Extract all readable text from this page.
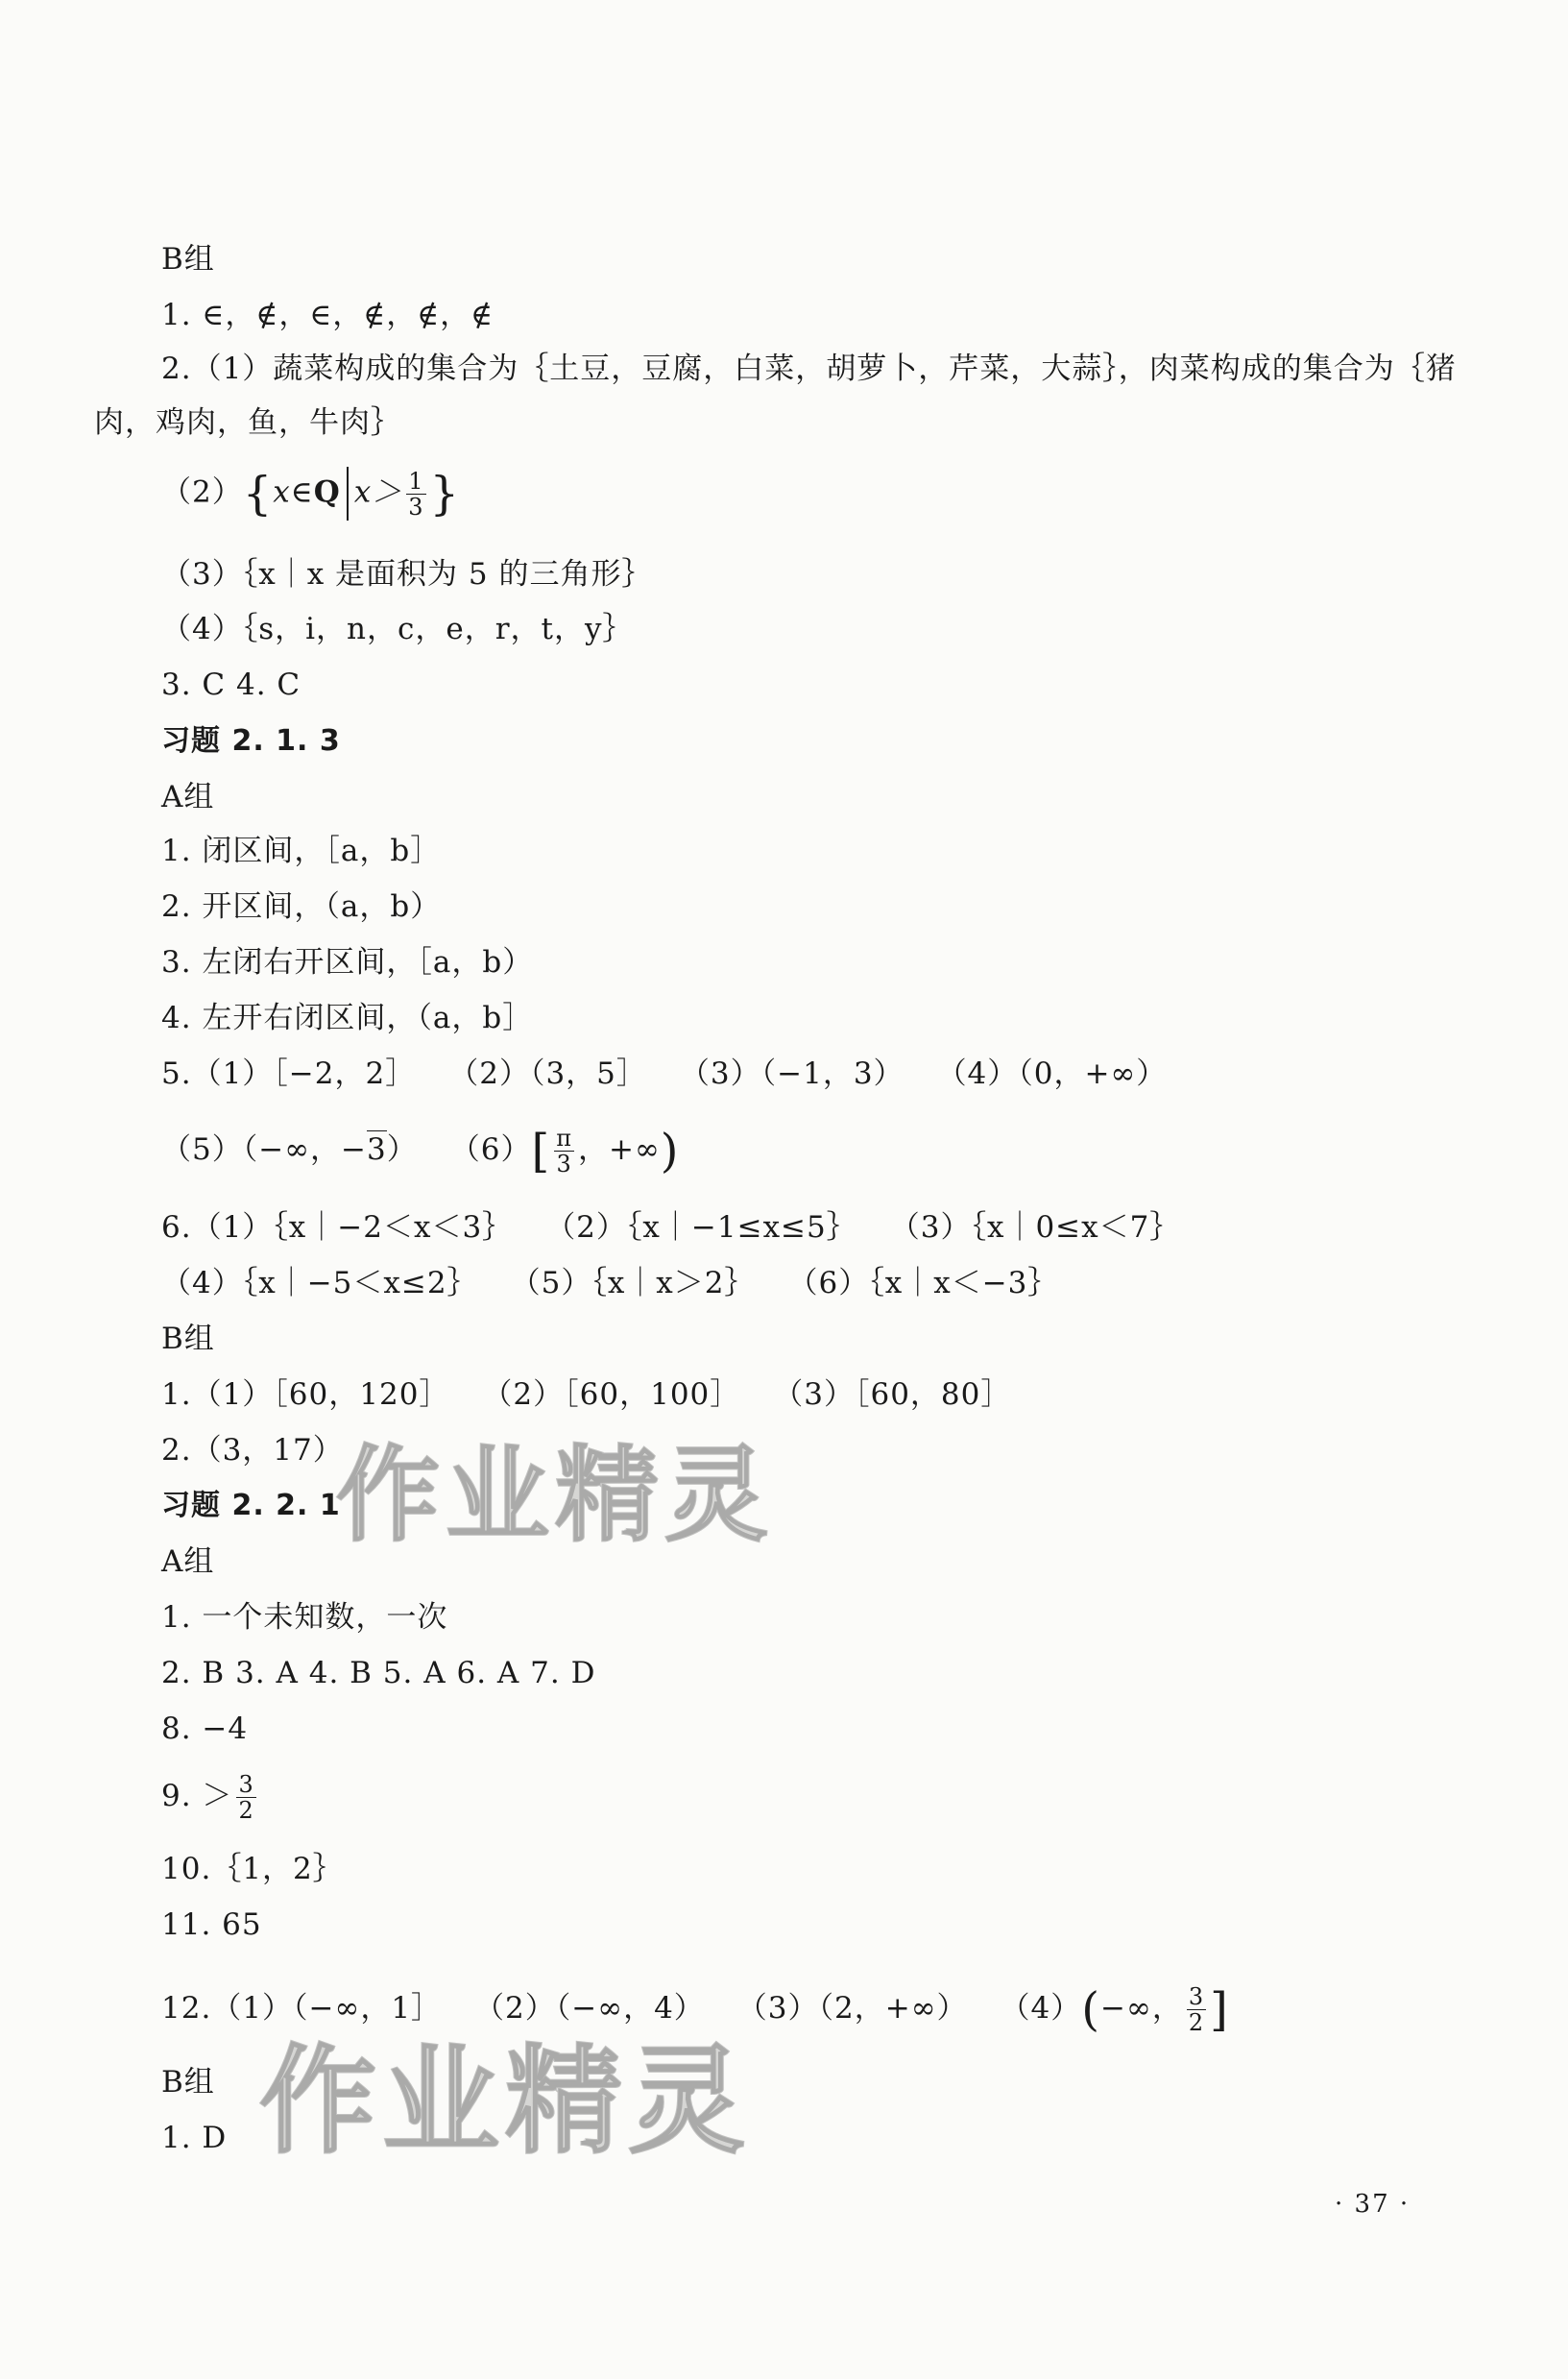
B组
1. ∈，∉，∈，∉，∉，∉
2.（1）蔬菜构成的集合为｛土豆，豆腐，白菜，胡萝卜，芹菜，大蒜｝，肉菜构成的集合为｛猪肉，鸡肉，鱼，牛肉｝
（2）{x∈Q $x> \frac{1}{3}$ }
（3）｛x｜x 是面积为 5 的三角形｝
（4）｛s，i，n，c，e，r，t，y｝
3. C 4. C
习题 2. 1. 3
A组
1. 闭区间，［a，b］
2. 开区间，（a，b）
3. 左闭右开区间，［a，b）
4. 左开右闭区间，（a，b］
5.（1）［−2，2］ （2）（3，5］ （3）（−1，3） （4）（0，+∞）
（5）（−∞，−3） $(6)[ \frac{\pi}{3}$ ，+∞)
6.（1）｛x｜−2＜x＜3｝ （2）｛x｜−1≤x≤5｝ （3）｛x｜0≤x＜7｝
（4）｛x｜−5＜x≤2｝ （5）｛x｜x＞2｝ （6）｛x｜x＜−3｝
B组
1.（1）［60，120］ （2）［60，100］ （3）［60，80］
2.（3，17）
习题 2. 2. 1
A组
1. 一个未知数，一次
2. B 3. A 4. B 5. A 6. A 7. D
8. −4
9. ＞ $\frac{3}{2}$
10.｛1，2｝
11. 65
12.（1）（−∞，1］ （2）（−∞，4） （3）（2，+∞） （4）(−∞， $\frac{3}{2}$ ]
B组
1. D
作业精灵
作业精灵
· 37 ·
